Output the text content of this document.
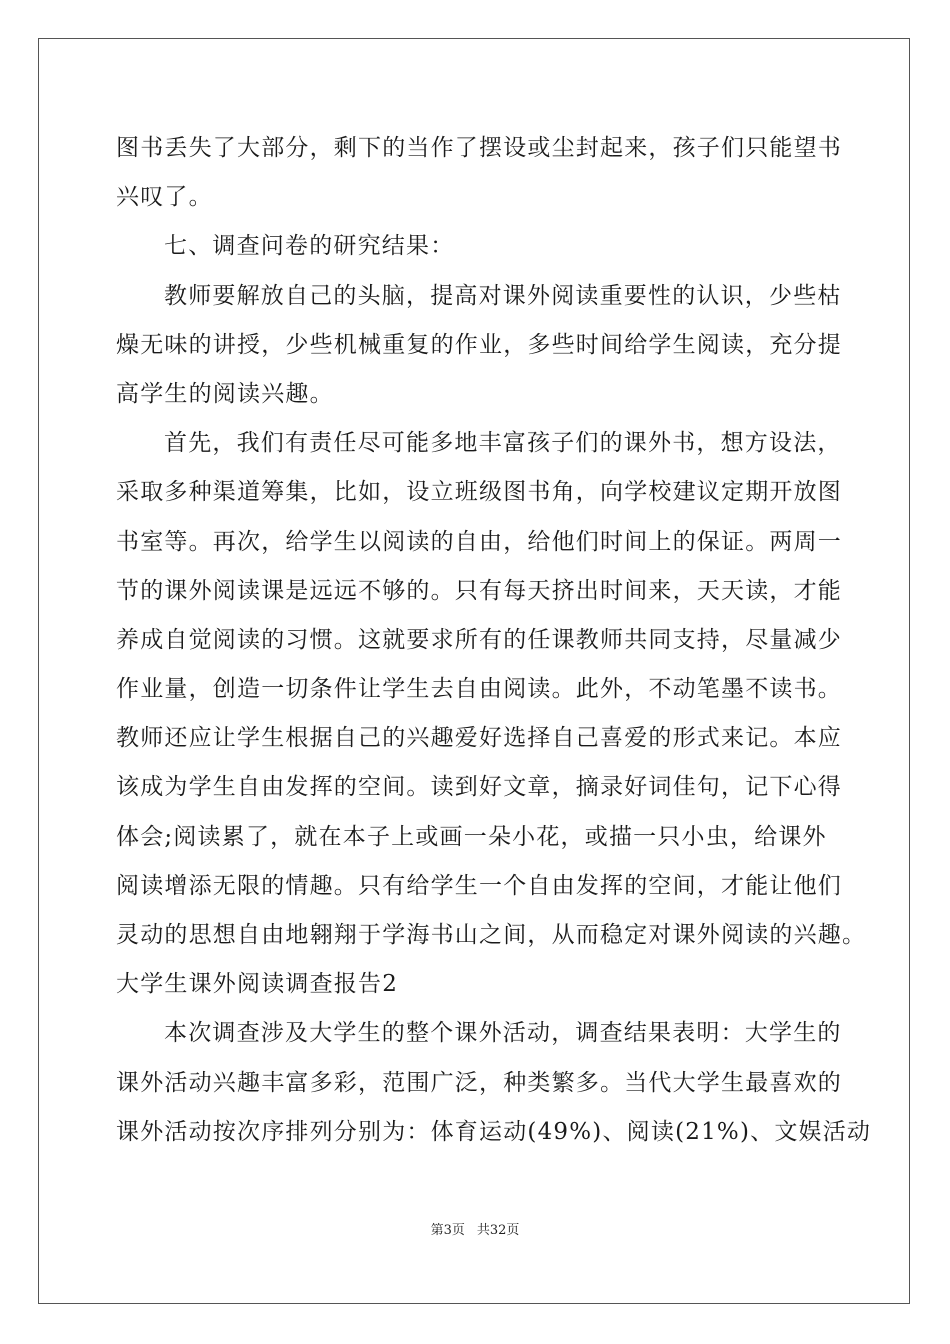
图书丢失了大部分，剩下的当作了摆设或尘封起来，孩子们只能望书
兴叹了。
七、调查问卷的研究结果：
教师要解放自己的头脑，提高对课外阅读重要性的认识，少些枯
燥无味的讲授，少些机械重复的作业，多些时间给学生阅读，充分提
高学生的阅读兴趣。
首先，我们有责任尽可能多地丰富孩子们的课外书，想方设法，
采取多种渠道筹集，比如，设立班级图书角，向学校建议定期开放图
书室等。再次，给学生以阅读的自由，给他们时间上的保证。两周一
节的课外阅读课是远远不够的。只有每天挤出时间来，天天读，才能
养成自觉阅读的习惯。这就要求所有的任课教师共同支持，尽量减少
作业量，创造一切条件让学生去自由阅读。此外，不动笔墨不读书。
教师还应让学生根据自己的兴趣爱好选择自己喜爱的形式来记。本应
该成为学生自由发挥的空间。读到好文章，摘录好词佳句，记下心得
体会;阅读累了，就在本子上或画一朵小花，或描一只小虫，给课外
阅读增添无限的情趣。只有给学生一个自由发挥的空间，才能让他们
灵动的思想自由地翱翔于学海书山之间，从而稳定对课外阅读的兴趣。
大学生课外阅读调查报告2
本次调查涉及大学生的整个课外活动，调查结果表明：大学生的
课外活动兴趣丰富多彩，范围广泛，种类繁多。当代大学生最喜欢的
课外活动按次序排列分别为：体育运动(49%)、阅读(21%)、文娱活动
第3页 共32页
